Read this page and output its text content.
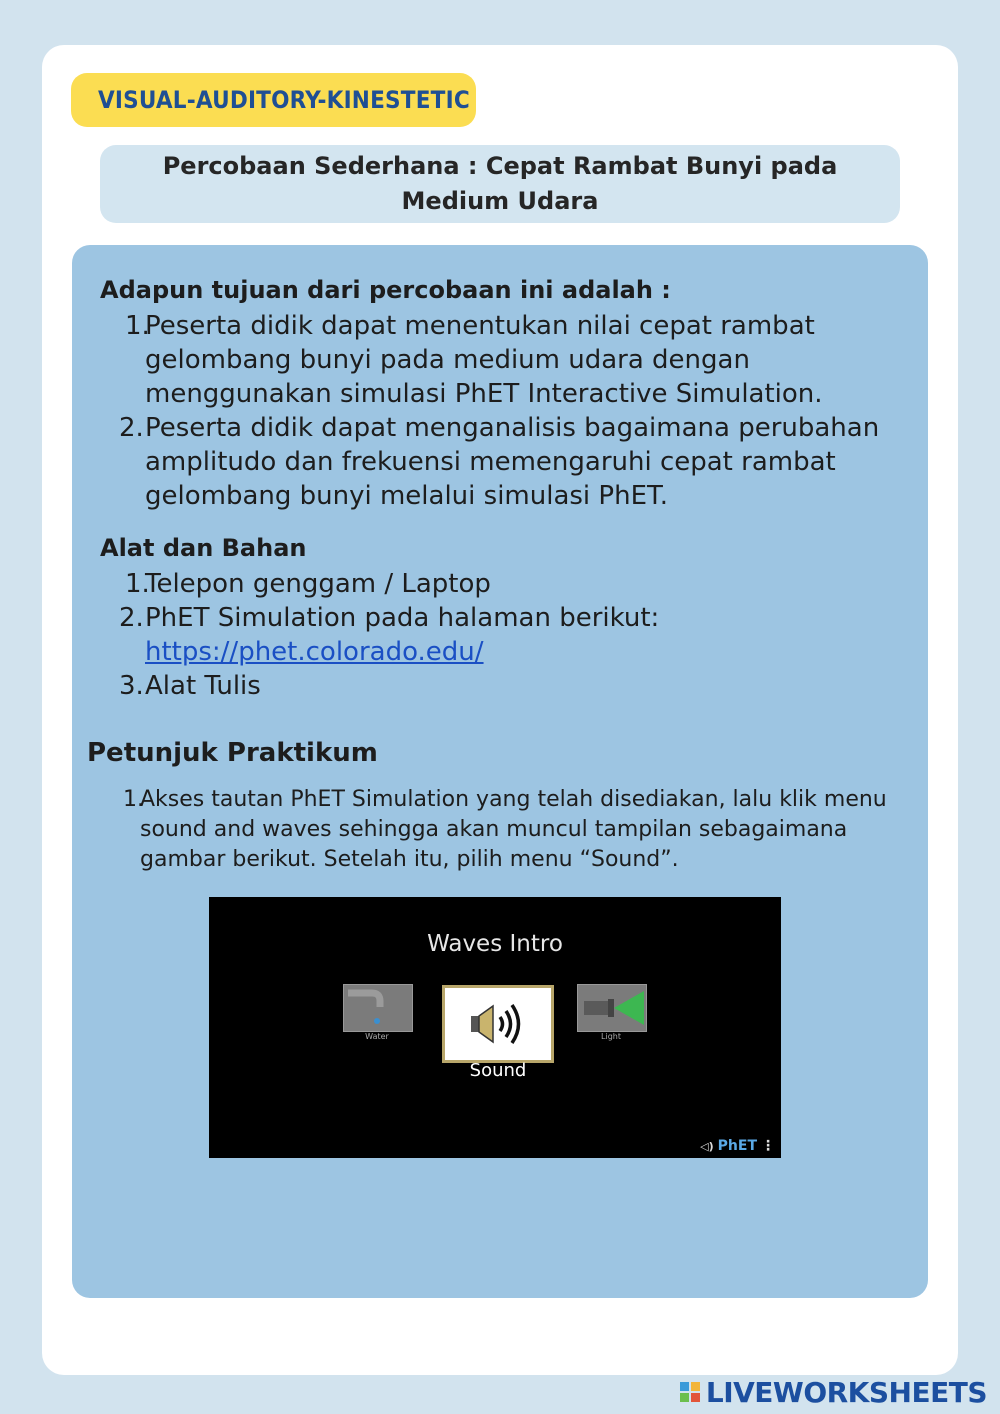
VISUAL-AUDITORY-KINESTETIC
Percobaan Sederhana : Cepat Rambat Bunyi pada Medium Udara
Adapun tujuan dari percobaan ini adalah :
1.
Peserta didik dapat menentukan nilai cepat rambat gelombang bunyi pada medium udara dengan menggunakan simulasi PhET Interactive Simulation.
2. Peserta didik dapat menganalisis bagaimana perubahan amplitudo dan frekuensi memengaruhi cepat rambat gelombang bunyi melalui simulasi PhET.
Alat dan Bahan
1.
Telepon genggam / Laptop
2. PhET Simulation pada halaman berikut:
https://phet.colorado.edu/
3. Alat Tulis
Petunjuk Praktikum
1.
Akses tautan PhET Simulation yang telah disediakan, lalu klik menu sound and waves sehingga akan muncul tampilan sebagaimana gambar berikut. Setelah itu, pilih menu “Sound”.
Waves Intro
Water
Sound
Light
◁) PhET ⋮
LIVEWORKSHEETS
